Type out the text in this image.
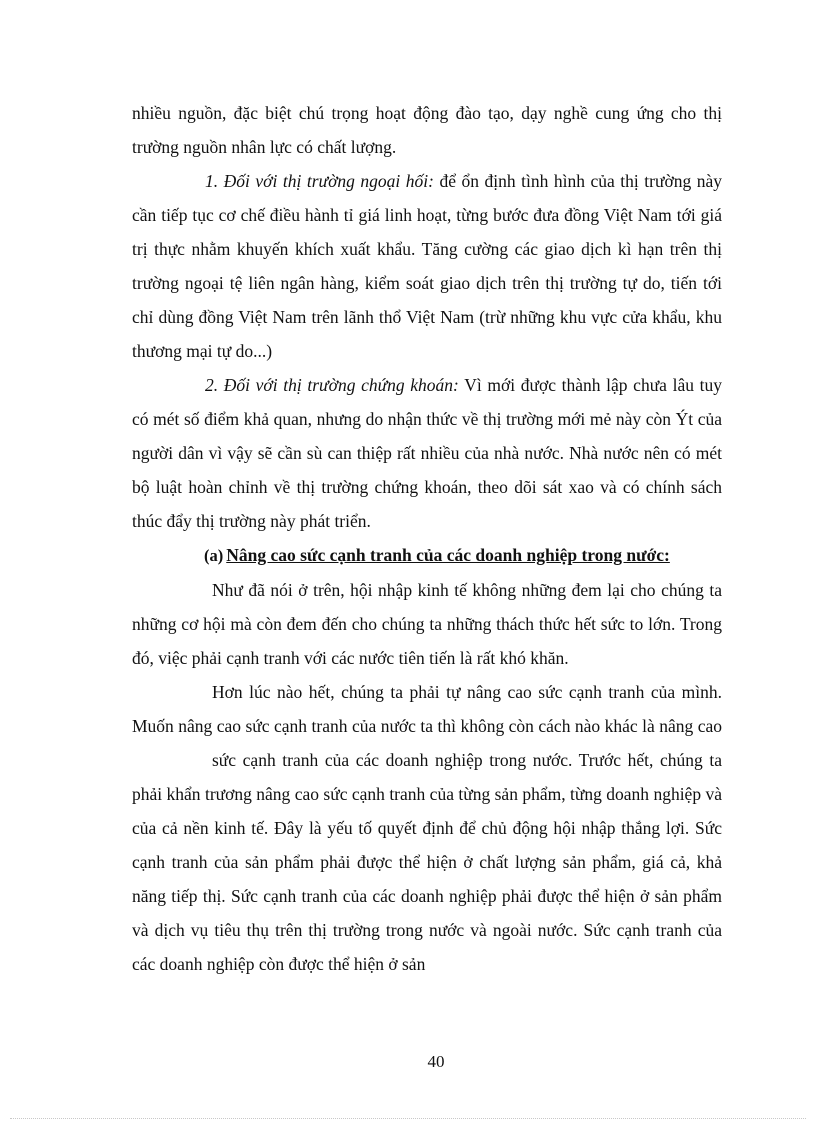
nhiều nguồn, đặc biệt chú trọng hoạt động đào tạo, dạy nghề cung ứng cho thị trường nguồn nhân lực có chất lượng.

1. Đối với thị trường ngoại hối: để ổn định tình hình của thị trường này cần tiếp tục cơ chế điều hành tỉ giá linh hoạt, từng bước đưa đồng Việt Nam tới giá trị thực nhằm khuyến khích xuất khẩu. Tăng cường các giao dịch kì hạn trên thị trường ngoại tệ liên ngân hàng, kiểm soát giao dịch trên thị trường tự do, tiến tới chỉ dùng đồng Việt Nam trên lãnh thổ Việt Nam (trừ những khu vực cửa khẩu, khu thương mại tự do...)

2. Đối với thị trường chứng khoán: Vì mới được thành lập chưa lâu tuy có mét số điểm khả quan, nhưng do nhận thức về thị trường mới mẻ này còn Ýt của người dân vì vậy sẽ cần sù can thiệp rất nhiều của nhà nước. Nhà nước nên có mét bộ luật hoàn chỉnh về thị trường chứng khoán, theo dõi sát xao và có chính sách thúc đẩy thị trường này phát triển.

(a) Nâng cao sức cạnh tranh của các doanh nghiệp trong nước:

Như đã nói ở trên, hội nhập kinh tế không những đem lại cho chúng ta những cơ hội mà còn đem đến cho chúng ta những thách thức hết sức to lớn. Trong đó, việc phải cạnh tranh với các nước tiên tiến là rất khó khăn.

Hơn lúc nào hết, chúng ta phải tự nâng cao sức cạnh tranh của mình. Muốn nâng cao sức cạnh tranh của nước ta thì không còn cách nào khác là nâng cao

sức cạnh tranh của các doanh nghiệp trong nước. Trước hết, chúng ta phải khẩn trương nâng cao sức cạnh tranh của từng sản phẩm, từng doanh nghiệp và của cả nền kinh tế. Đây là yếu tố quyết định để chủ động hội nhập thắng lợi. Sức cạnh tranh của sản phẩm phải được thể hiện ở chất lượng sản phẩm, giá cả, khả năng tiếp thị. Sức cạnh tranh của các doanh nghiệp phải được thể hiện ở sản phẩm và dịch vụ tiêu thụ trên thị trường trong nước và ngoài nước. Sức cạnh tranh của các doanh nghiệp còn được thể hiện ở sản

40
